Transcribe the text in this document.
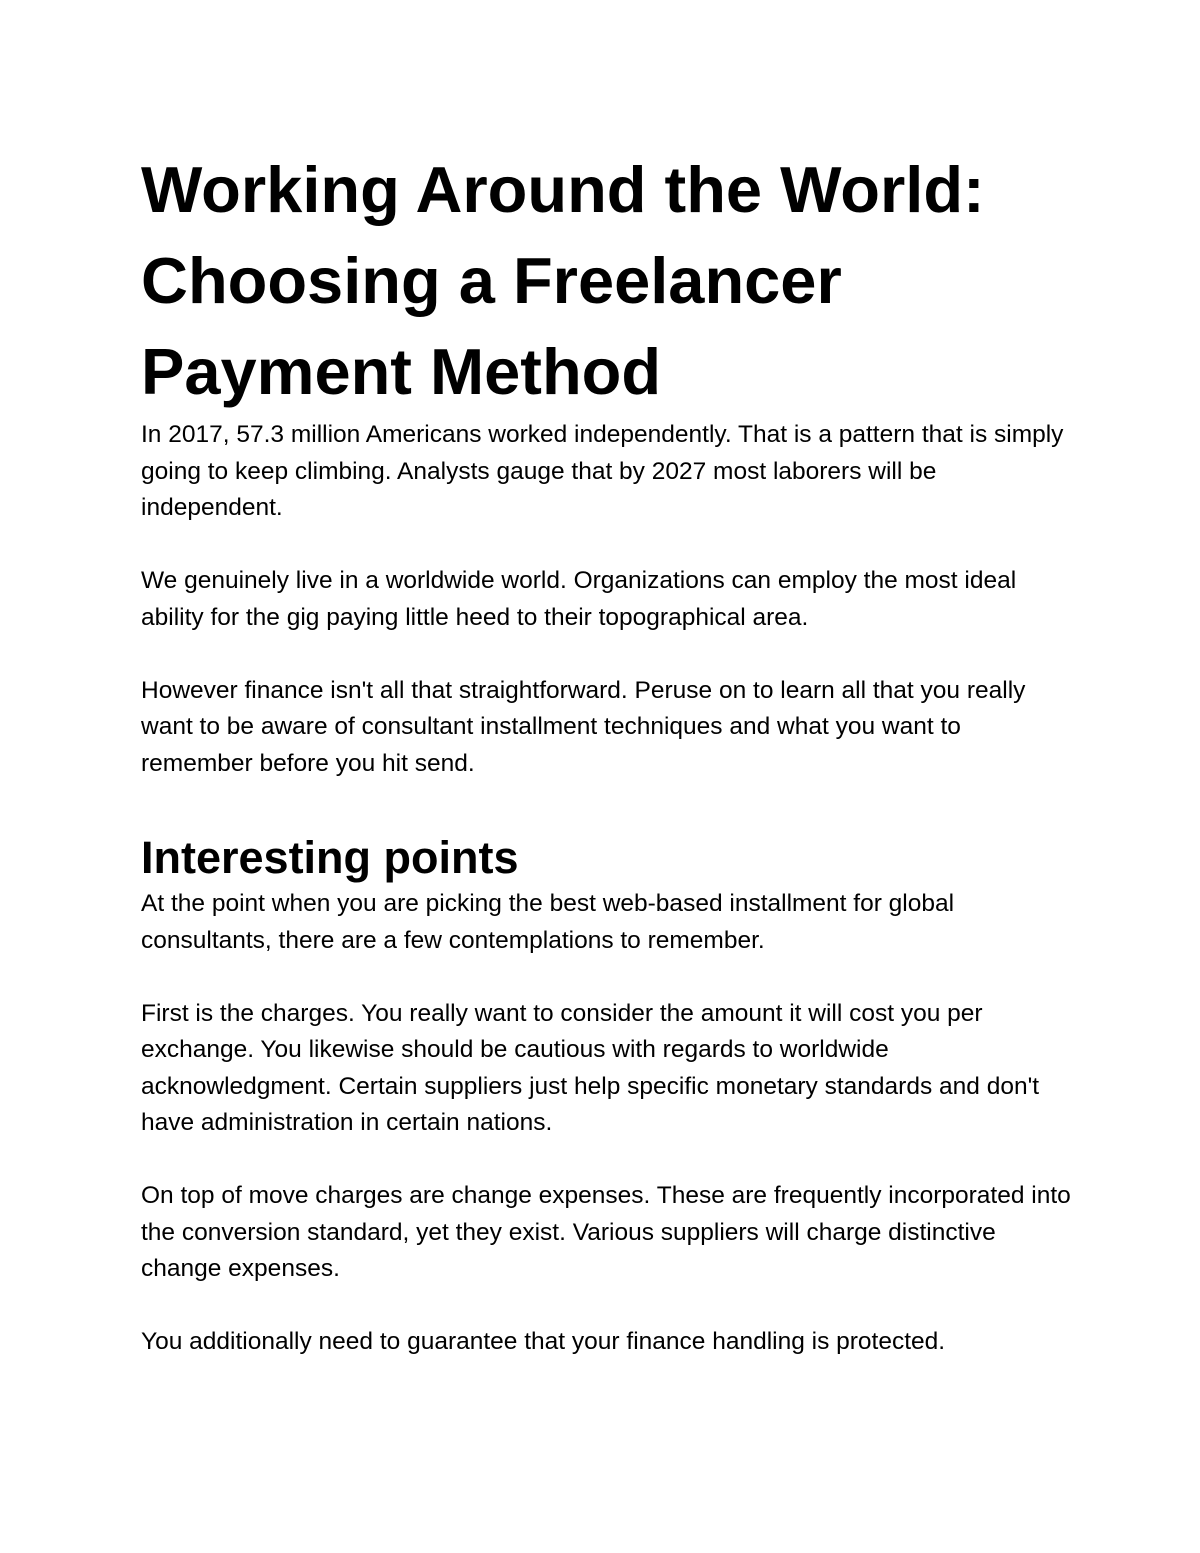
Working Around the World: Choosing a Freelancer Payment Method

In 2017, 57.3 million Americans worked independently. That is a pattern that is simply going to keep climbing. Analysts gauge that by 2027 most laborers will be independent.

We genuinely live in a worldwide world. Organizations can employ the most ideal ability for the gig paying little heed to their topographical area.

However finance isn't all that straightforward. Peruse on to learn all that you really want to be aware of consultant installment techniques and what you want to remember before you hit send.

Interesting points

At the point when you are picking the best web-based installment for global consultants, there are a few contemplations to remember.

First is the charges. You really want to consider the amount it will cost you per exchange. You likewise should be cautious with regards to worldwide acknowledgment. Certain suppliers just help specific monetary standards and don't have administration in certain nations.

On top of move charges are change expenses. These are frequently incorporated into the conversion standard, yet they exist. Various suppliers will charge distinctive change expenses.

You additionally need to guarantee that your finance handling is protected.
